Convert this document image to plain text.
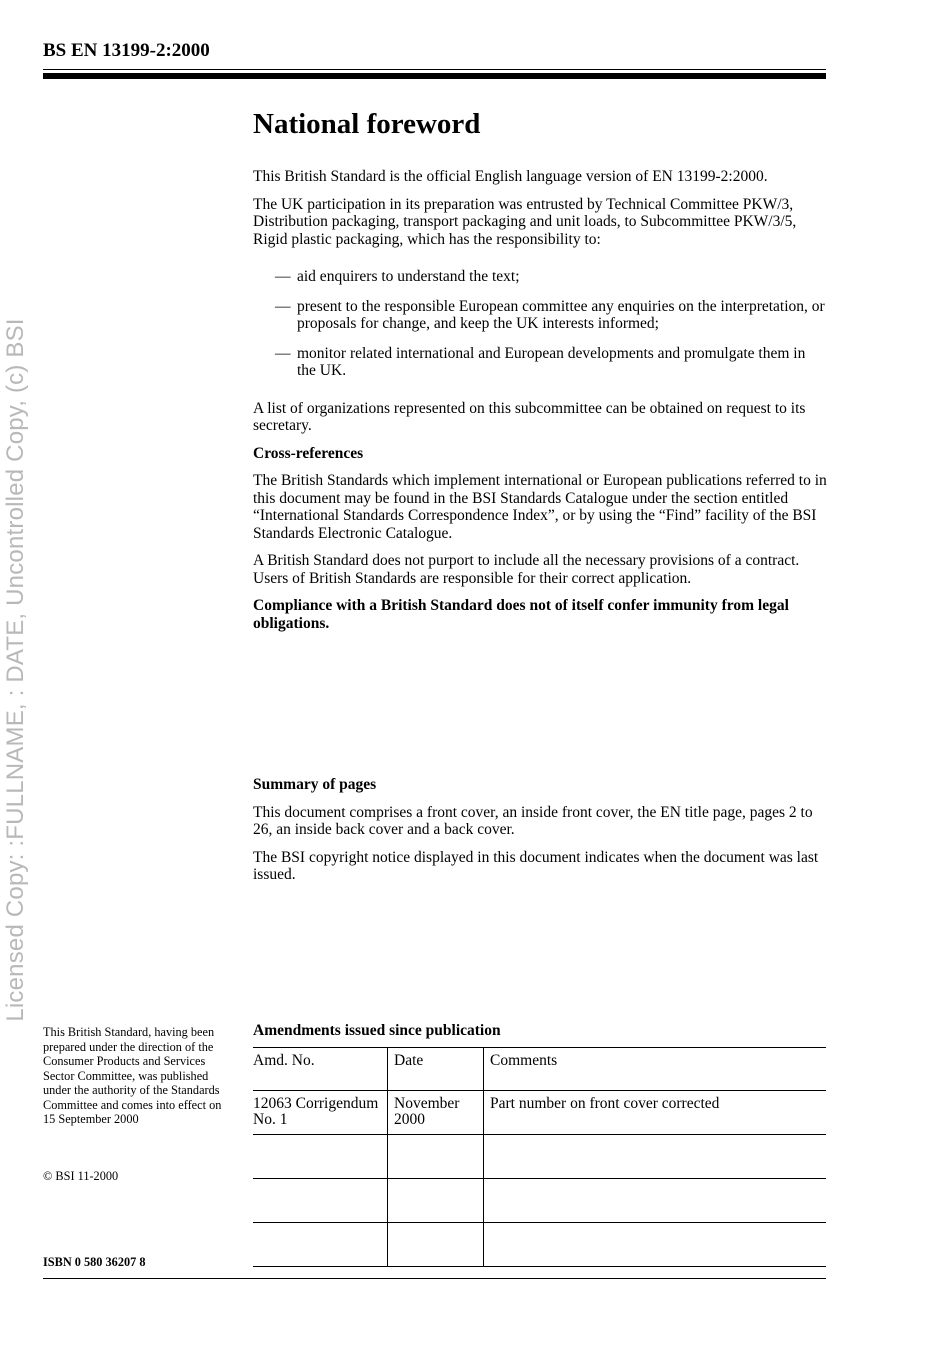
BS EN 13199-2:2000
Licensed Copy: :FULLNAME, : DATE, Uncontrolled Copy, (c) BSI
National foreword

This British Standard is the official English language version of EN 13199-2:2000.

The UK participation in its preparation was entrusted by Technical Committee PKW/3, Distribution packaging, transport packaging and unit loads, to Subcommittee PKW/3/5, Rigid plastic packaging, which has the responsibility to:

— aid enquirers to understand the text;
— present to the responsible European committee any enquiries on the interpretation, or proposals for change, and keep the UK interests informed;
— monitor related international and European developments and promulgate them in the UK.

A list of organizations represented on this subcommittee can be obtained on request to its secretary.

Cross-references

The British Standards which implement international or European publications referred to in this document may be found in the BSI Standards Catalogue under the section entitled “International Standards Correspondence Index”, or by using the “Find” facility of the BSI Standards Electronic Catalogue.

A British Standard does not purport to include all the necessary provisions of a contract. Users of British Standards are responsible for their correct application.

Compliance with a British Standard does not of itself confer immunity from legal obligations.

Summary of pages

This document comprises a front cover, an inside front cover, the EN title page, pages 2 to 26, an inside back cover and a back cover.

The BSI copyright notice displayed in this document indicates when the document was last issued.

This British Standard, having been prepared under the direction of the Consumer Products and Services Sector Committee, was published under the authority of the Standards Committee and comes into effect on 15 September 2000
© BSI 11-2000
ISBN 0 580 36207 8
Amendments issued since publication
Amd. No.	Date	Comments
12063 Corrigendum No. 1	November 2000	Part number on front cover corrected
